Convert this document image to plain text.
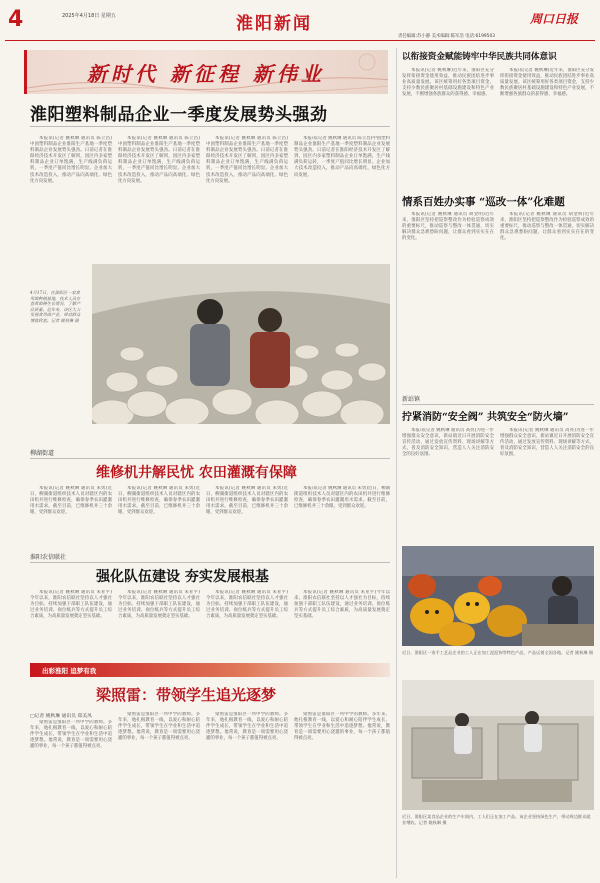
4	2025年4月18日 星期五	淮阳新闻	周口日报
责任编辑:苏小静 美术编辑:陈军浩 电话:6199503
新时代 新征程 新伟业
淮阳塑料制品企业一季度发展势头强劲

本报讯(记者 姚秋琳 通讯员 陈立昌)中国塑料制品企业淮阳生产基地一季度塑料制品企业发展势头强劲。日前记者在淮阳经济技术开发区了解到，园区内多家塑料制品企业订单饱满，生产线满负荷运转，一季度产值同比增长明显。企业加大技术改造投入，推动产品向高端化、绿色化方向发展。

本报讯(记者 姚秋琳 通讯员 陈立昌)中国塑料制品企业淮阳生产基地一季度塑料制品企业发展势头强劲。日前记者在淮阳经济技术开发区了解到，园区内多家塑料制品企业订单饱满，生产线满负荷运转，一季度产值同比增长明显。企业加大技术改造投入，推动产品向高端化、绿色化方向发展。

本报讯(记者 姚秋琳 通讯员 陈立昌)中国塑料制品企业淮阳生产基地一季度塑料制品企业发展势头强劲。日前记者在淮阳经济技术开发区了解到，园区内多家塑料制品企业订单饱满，生产线满负荷运转，一季度产值同比增长明显。企业加大技术改造投入，推动产品向高端化、绿色化方向发展。

本报讯(记者 姚秋琳 通讯员 陈立昌)中国塑料制品企业淮阳生产基地一季度塑料制品企业发展势头强劲。日前记者在淮阳经济技术开发区了解到，园区内多家塑料制品企业订单饱满，生产线满负荷运转，一季度产值同比增长明显。企业加大技术改造投入，推动产品向高端化、绿色化方向发展。

4月17日，在淮阳区一家食用菌种植基地，技术人员在查看菌棒生长情况，了解产品质量。近年来，该区大力发展食用菌产业，带动群众增收致富。记者 姚秋琳 摄
柳湖街道
维修机井解民忧 农田灌溉有保障

本报讯(记者 姚秋琳 通讯员 朱勇)近日，柳湖街道组织技术人员对辖区内的农田机井进行维修检查，确保春季农田灌溉用水需求。截至目前，已维修机井三十余眼，受到群众欢迎。

本报讯(记者 姚秋琳 通讯员 朱勇)近日，柳湖街道组织技术人员对辖区内的农田机井进行维修检查，确保春季农田灌溉用水需求。截至目前，已维修机井三十余眼，受到群众欢迎。

本报讯(记者 姚秋琳 通讯员 朱勇)近日，柳湖街道组织技术人员对辖区内的农田机井进行维修检查，确保春季农田灌溉用水需求。截至目前，已维修机井三十余眼，受到群众欢迎。

本报讯(记者 姚秋琳 通讯员 朱勇)近日，柳湖街道组织技术人员对辖区内的农田机井进行维修检查，确保春季农田灌溉用水需求。截至目前，已维修机井三十余眼，受到群众欢迎。

淮阳农信联社
强化队伍建设 夯实发展根基

本报讯(记者 姚秋琳 通讯员 朱亚平)今年以来，淮阳农信联社坚持以人才强社为目标，持续加强干部职工队伍建设，通过业务培训、岗位练兵等方式提升员工综合素质，为高质量发展奠定坚实基础。

本报讯(记者 姚秋琳 通讯员 朱亚平)今年以来，淮阳农信联社坚持以人才强社为目标，持续加强干部职工队伍建设，通过业务培训、岗位练兵等方式提升员工综合素质，为高质量发展奠定坚实基础。

本报讯(记者 姚秋琳 通讯员 朱亚平)今年以来，淮阳农信联社坚持以人才强社为目标，持续加强干部职工队伍建设，通过业务培训、岗位练兵等方式提升员工综合素质，为高质量发展奠定坚实基础。

本报讯(记者 姚秋琳 通讯员 朱亚平)今年以来，淮阳农信联社坚持以人才强社为目标，持续加强干部职工队伍建设，通过业务培训、岗位练兵等方式提升员工综合素质，为高质量发展奠定坚实基础。

出彩淮阳 追梦有我
梁照雷：带领学生追光逐梦
□记者 姚秋琳 通讯员 郑美凤

梁照雷是淮阳区一所中学的教师。多年来，他扎根教育一线，以爱心和耐心陪伴学生成长，带领学生在学业和生活中追逐梦想。他常说，教育是一项需要用心浇灌的事业，每一个孩子都值得被点亮。

梁照雷是淮阳区一所中学的教师。多年来，他扎根教育一线，以爱心和耐心陪伴学生成长，带领学生在学业和生活中追逐梦想。他常说，教育是一项需要用心浇灌的事业，每一个孩子都值得被点亮。

梁照雷是淮阳区一所中学的教师。多年来，他扎根教育一线，以爱心和耐心陪伴学生成长，带领学生在学业和生活中追逐梦想。他常说，教育是一项需要用心浇灌的事业，每一个孩子都值得被点亮。

梁照雷是淮阳区一所中学的教师。多年来，他扎根教育一线，以爱心和耐心陪伴学生成长，带领学生在学业和生活中追逐梦想。他常说，教育是一项需要用心浇灌的事业，每一个孩子都值得被点亮。

以衔接资金赋能铸牢中华民族共同体意识

本报讯(记者 姚秋琳)近年来，淮阳区充分发挥衔接资金使用效益，推动民族团结进步事业高质量发展。该区统筹用好各类项目资金，支持少数民族聚居村基础设施建设和特色产业发展，不断增强各族群众的获得感、幸福感。

本报讯(记者 姚秋琳)近年来，淮阳区充分发挥衔接资金使用效益，推动民族团结进步事业高质量发展。该区统筹用好各类项目资金，支持少数民族聚居村基础设施建设和特色产业发展，不断增强各族群众的获得感、幸福感。

情系百姓办实事 “巡改一体”化难题

本报讯(记者 姚秋琳 通讯员 胡金明)近年来，淮阳区坚持把巡察整改作为检验巡察成效的重要标尺，推动巡察与整改一体贯通，切实解决群众急难愁盼问题，让群众看到实实在在的变化。

本报讯(记者 姚秋琳 通讯员 胡金明)近年来，淮阳区坚持把巡察整改作为检验巡察成效的重要标尺，推动巡察与整改一体贯通，切实解决群众急难愁盼问题，让群众看到实实在在的变化。

新站镇
拧紧消防“安全阀” 共筑安全“防火墙”

本报讯(记者 姚秋琳 通讯员 高亮)为进一步增强群众安全意识，新站镇近日开展消防安全宣传活动，通过发放宣传资料、现场讲解等方式，普及消防安全知识，营造人人关注消防安全的良好氛围。

本报讯(记者 姚秋琳 通讯员 高亮)为进一步增强群众安全意识，新站镇近日开展消防安全宣传活动，通过发放宣传资料、现场讲解等方式，普及消防安全知识，营造人人关注消防安全的良好氛围。

近日，淮阳区一家手工艺品企业的工人正在加工泥泥狗等特色产品，产品远销全国各地。记者 姚秋琳 摄
近日，淮阳区某食品企业的生产车间内，工人们正在加工产品。该企业坚持绿色生产，带动周边群众就业增收。记者 姚秋琳 摄
